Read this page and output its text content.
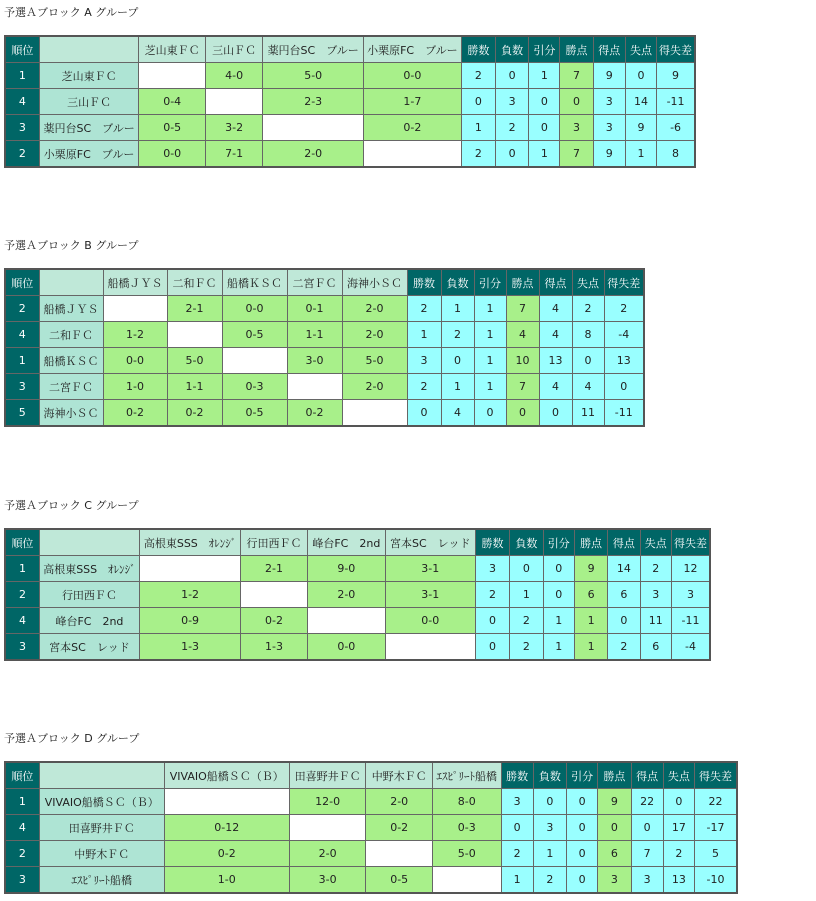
予選Ａブロック A グループ
順位		芝山東ＦＣ	三山ＦＣ	薬円台SC　ブルー	小栗原FC　ブルー	勝数	負数	引分	勝点	得点	失点	得失差
1	芝山東ＦＣ		4-0	5-0	0-0	2	0	1	7	9	0	9
4	三山ＦＣ	0-4		2-3	1-7	0	3	0	0	3	14	-11
3	薬円台SC　ブルー	0-5	3-2		0-2	1	2	0	3	3	9	-6
2	小栗原FC　ブルー	0-0	7-1	2-0		2	0	1	7	9	1	8
予選Ａブロック B グループ
順位		船橋ＪＹＳ	二和ＦＣ	船橋ＫＳＣ	二宮ＦＣ	海神小ＳＣ	勝数	負数	引分	勝点	得点	失点	得失差
2	船橋ＪＹＳ		2-1	0-0	0-1	2-0	2	1	1	7	4	2	2
4	二和ＦＣ	1-2		0-5	1-1	2-0	1	2	1	4	4	8	-4
1	船橋ＫＳＣ	0-0	5-0		3-0	5-0	3	0	1	10	13	0	13
3	二宮ＦＣ	1-0	1-1	0-3		2-0	2	1	1	7	4	4	0
5	海神小ＳＣ	0-2	0-2	0-5	0-2		0	4	0	0	0	11	-11
予選Ａブロック C グループ
順位		高根東SSS　ｵﾚﾝｼﾞ	行田西ＦＣ	峰台FC　2nd	宮本SC　レッド	勝数	負数	引分	勝点	得点	失点	得失差
1	高根東SSS　ｵﾚﾝｼﾞ		2-1	9-0	3-1	3	0	0	9	14	2	12
2	行田西ＦＣ	1-2		2-0	3-1	2	1	0	6	6	3	3
4	峰台FC　2nd	0-9	0-2		0-0	0	2	1	1	0	11	-11
3	宮本SC　レッド	1-3	1-3	0-0		0	2	1	1	2	6	-4
予選Ａブロック D グループ
順位		VIVAIO船橋ＳＣ（Ｂ）	田喜野井ＦＣ	中野木ＦＣ	ｴｽﾋﾟﾘｰﾄ船橋	勝数	負数	引分	勝点	得点	失点	得失差
1	VIVAIO船橋ＳＣ（Ｂ）		12-0	2-0	8-0	3	0	0	9	22	0	22
4	田喜野井ＦＣ	0-12		0-2	0-3	0	3	0	0	0	17	-17
2	中野木ＦＣ	0-2	2-0		5-0	2	1	0	6	7	2	5
3	ｴｽﾋﾟﾘｰﾄ船橋	1-0	3-0	0-5		1	2	0	3	3	13	-10
